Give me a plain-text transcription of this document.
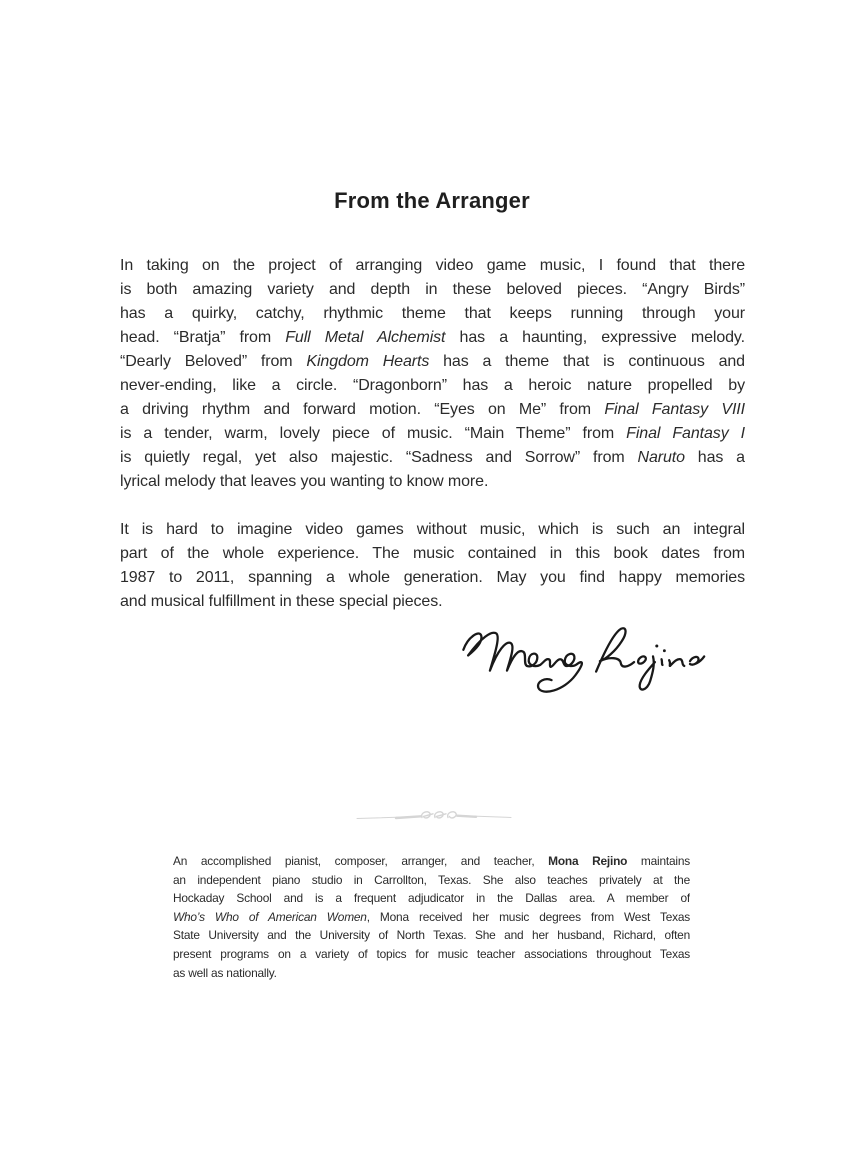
From the Arranger
In taking on the project of arranging video game music, I found that there
is both amazing variety and depth in these beloved pieces. “Angry Birds”
has a quirky, catchy, rhythmic theme that keeps running through your
head. “Bratja” from Full Metal Alchemist has a haunting, expressive melody.
“Dearly Beloved” from Kingdom Hearts has a theme that is continuous and
never-ending, like a circle. “Dragonborn” has a heroic nature propelled by
a driving rhythm and forward motion. “Eyes on Me” from Final Fantasy VIII
is a tender, warm, lovely piece of music. “Main Theme” from Final Fantasy I
is quietly regal, yet also majestic. “Sadness and Sorrow” from Naruto has a
lyrical melody that leaves you wanting to know more.
It is hard to imagine video games without music, which is such an integral
part of the whole experience. The music contained in this book dates from
1987 to 2011, spanning a whole generation. May you find happy memories
and musical fulfillment in these special pieces.
An accomplished pianist, composer, arranger, and teacher, Mona Rejino maintains
an independent piano studio in Carrollton, Texas. She also teaches privately at the
Hockaday School and is a frequent adjudicator in the Dallas area. A member of
Who’s Who of American Women, Mona received her music degrees from West Texas
State University and the University of North Texas. She and her husband, Richard, often
present programs on a variety of topics for music teacher associations throughout Texas
as well as nationally.
